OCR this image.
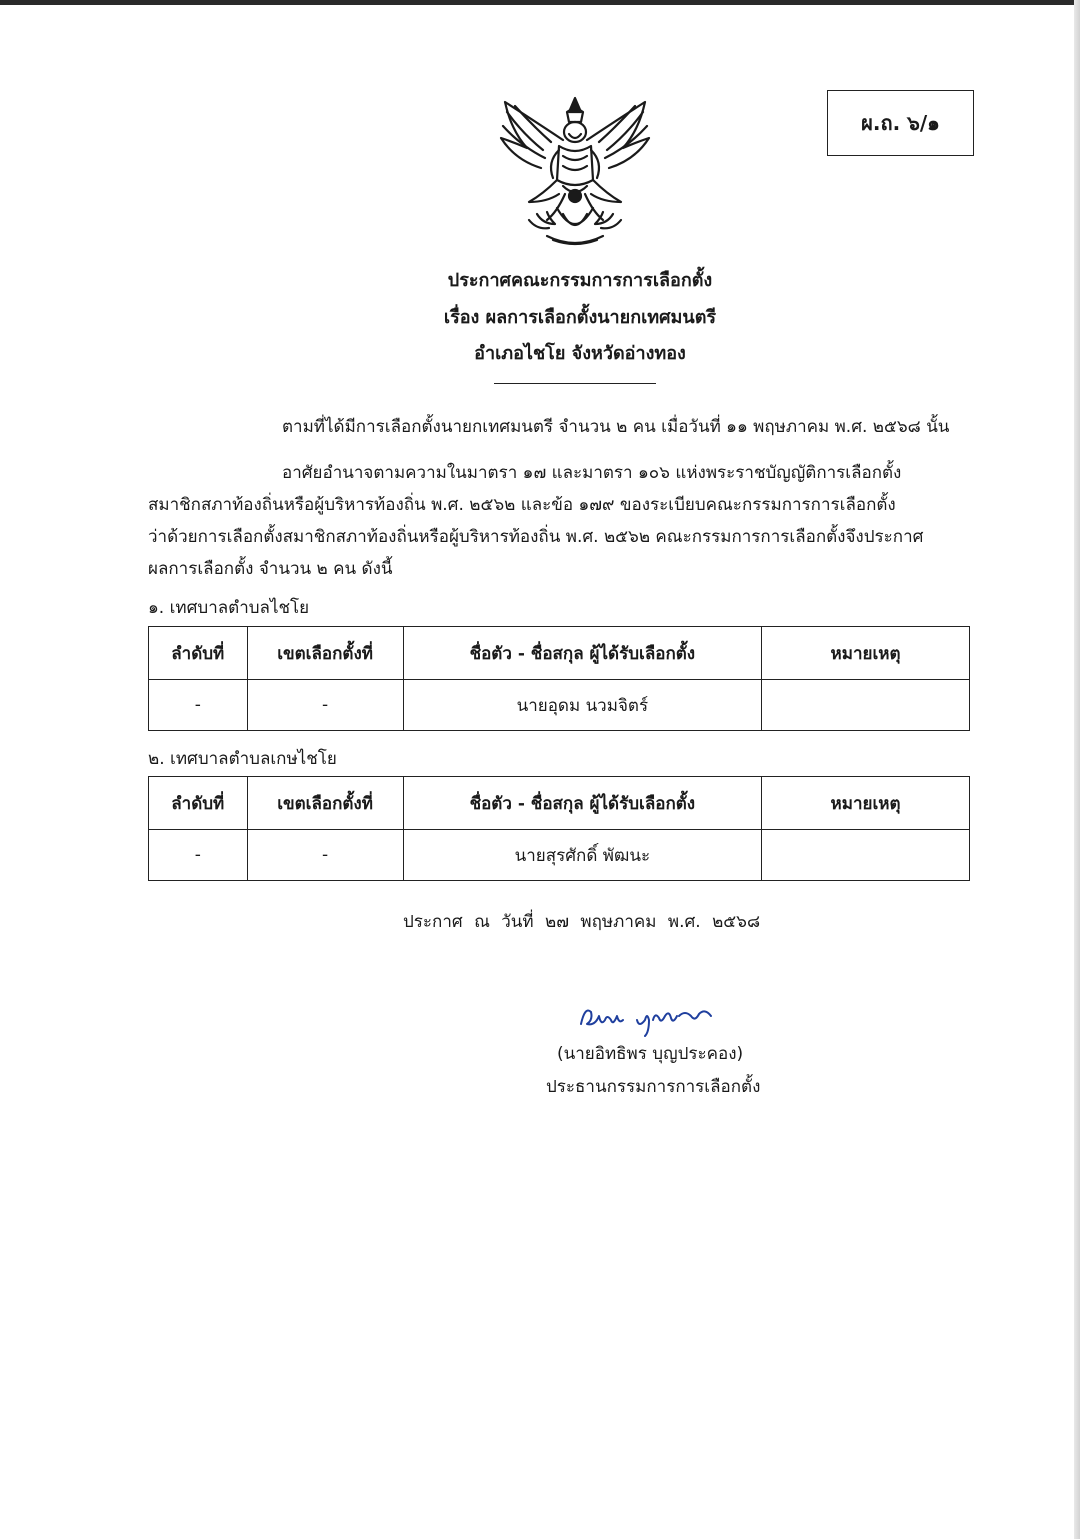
ผ.ถ. ๖/๑
ประกาศคณะกรรมการการเลือกตั้ง
เรื่อง ผลการเลือกตั้งนายกเทศมนตรี
อำเภอไชโย จังหวัดอ่างทอง
ตามที่ได้มีการเลือกตั้งนายกเทศมนตรี จำนวน ๒ คน เมื่อวันที่ ๑๑ พฤษภาคม พ.ศ. ๒๕๖๘ นั้น
อาศัยอำนาจตามความในมาตรา ๑๗ และมาตรา ๑๐๖ แห่งพระราชบัญญัติการเลือกตั้ง
สมาชิกสภาท้องถิ่นหรือผู้บริหารท้องถิ่น พ.ศ. ๒๕๖๒ และข้อ ๑๗๙ ของระเบียบคณะกรรมการการเลือกตั้ง
ว่าด้วยการเลือกตั้งสมาชิกสภาท้องถิ่นหรือผู้บริหารท้องถิ่น พ.ศ. ๒๕๖๒ คณะกรรมการการเลือกตั้งจึงประกาศ
ผลการเลือกตั้ง จำนวน ๒ คน ดังนี้
๑. เทศบาลตำบลไชโย
ลำดับที่	เขตเลือกตั้งที่	ชื่อตัว - ชื่อสกุล ผู้ได้รับเลือกตั้ง	หมายเหตุ
-	-	นายอุดม นวมจิตร์	
๒. เทศบาลตำบลเกษไชโย
ลำดับที่	เขตเลือกตั้งที่	ชื่อตัว - ชื่อสกุล ผู้ได้รับเลือกตั้ง	หมายเหตุ
-	-	นายสุรศักดิ์ พัฒนะ	
ประกาศ ณ วันที่ ๒๗ พฤษภาคม พ.ศ. ๒๕๖๘
(นายอิทธิพร บุญประคอง)
ประธานกรรมการการเลือกตั้ง
